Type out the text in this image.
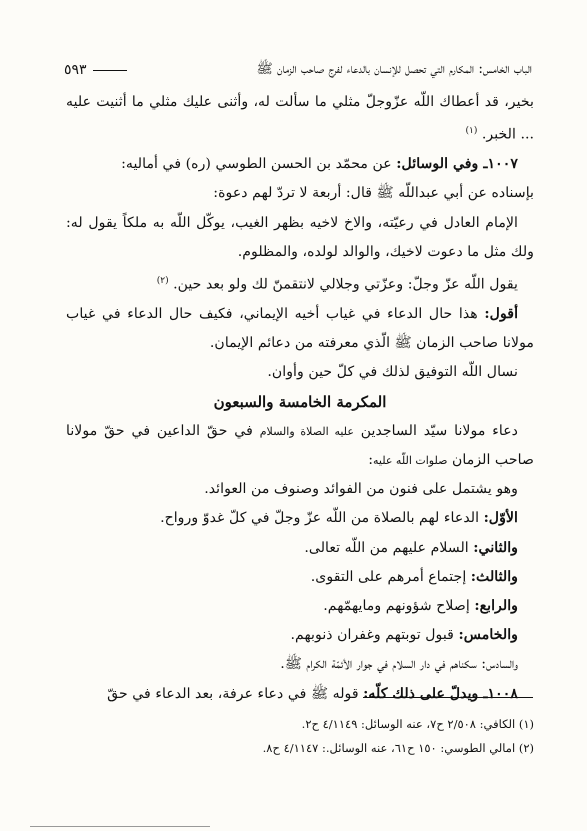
الباب الخامس: المكارم التي تحصل للإنسان بالدعاء لفرج صاحب الزمان ﷺ
٥٩٣

بخير، قد أعطاك اللّه عزّوجلّ مثلي ما سألت له، وأثنى عليك مثلي ما أثنيت عليه ... الخبر. $^{(١)}$

١٠٠٧ـ وفي الوسائل: عن محمّد بن الحسن الطوسي (ره) في أماليه:

بإسناده عن أبي عبداللّه ﷺ قال: أربعة لا تردّ لهم دعوة:

الإمام العادل في رعيّته، والاخ لاخيه بظهر الغيب، يوكّل اللّه به ملكاً يقول له: ولك مثل ما دعوت لاخيك، والوالد لولده، والمظلوم.

يقول اللّه عزّ وجلّ: وعزّتي وجلالي لانتقمنّ لك ولو بعد حين. $^{(٢)}$

أقول: هذا حال الدعاء في غياب أخيه الإيماني، فكيف حال الدعاء في غياب مولانا صاحب الزمان ﷺ الّذي معرفته من دعائم الإيمان.

نسال اللّه التوفيق لذلك في كلّ حين وأوان.

المكرمة الخامسة والسبعون

دعاء مولانا سيّد الساجدين عليه الصلاة والسلام في حقّ الداعين في حقّ مولانا صاحب الزمان صلوات اللّه عليه:

وهو يشتمل على فنون من الفوائد وصنوف من العوائد.

الأوّل: الدعاء لهم بالصلاة من اللّه عزّ وجلّ في كلّ غدوّ ورواح.

والثاني: السلام عليهم من اللّه تعالى.

والثالث: إجتماع أمرهم على التقوى.

والرابع: إصلاح شؤونهم ومايهمّهم.

والخامس: قبول توبتهم وغفران ذنوبهم.

والسادس: سكناهم في دار السلام في جوار الأئمّة الكرام ﷺ.

١٠٠٨ـ ويدلّ على ذلك كلّه: قوله ﷺ في دعاء عرفة، بعد الدعاء في حقّ

(١) الكافي: ٢/٥٠٨ ح٧، عنه الوسائل: ٤/١١٤٩ ح٢.

(٢) امالي الطوسي: ١٥٠ ح٦١، عنه الوسائل.: ٤/١١٤٧ ح٨.
